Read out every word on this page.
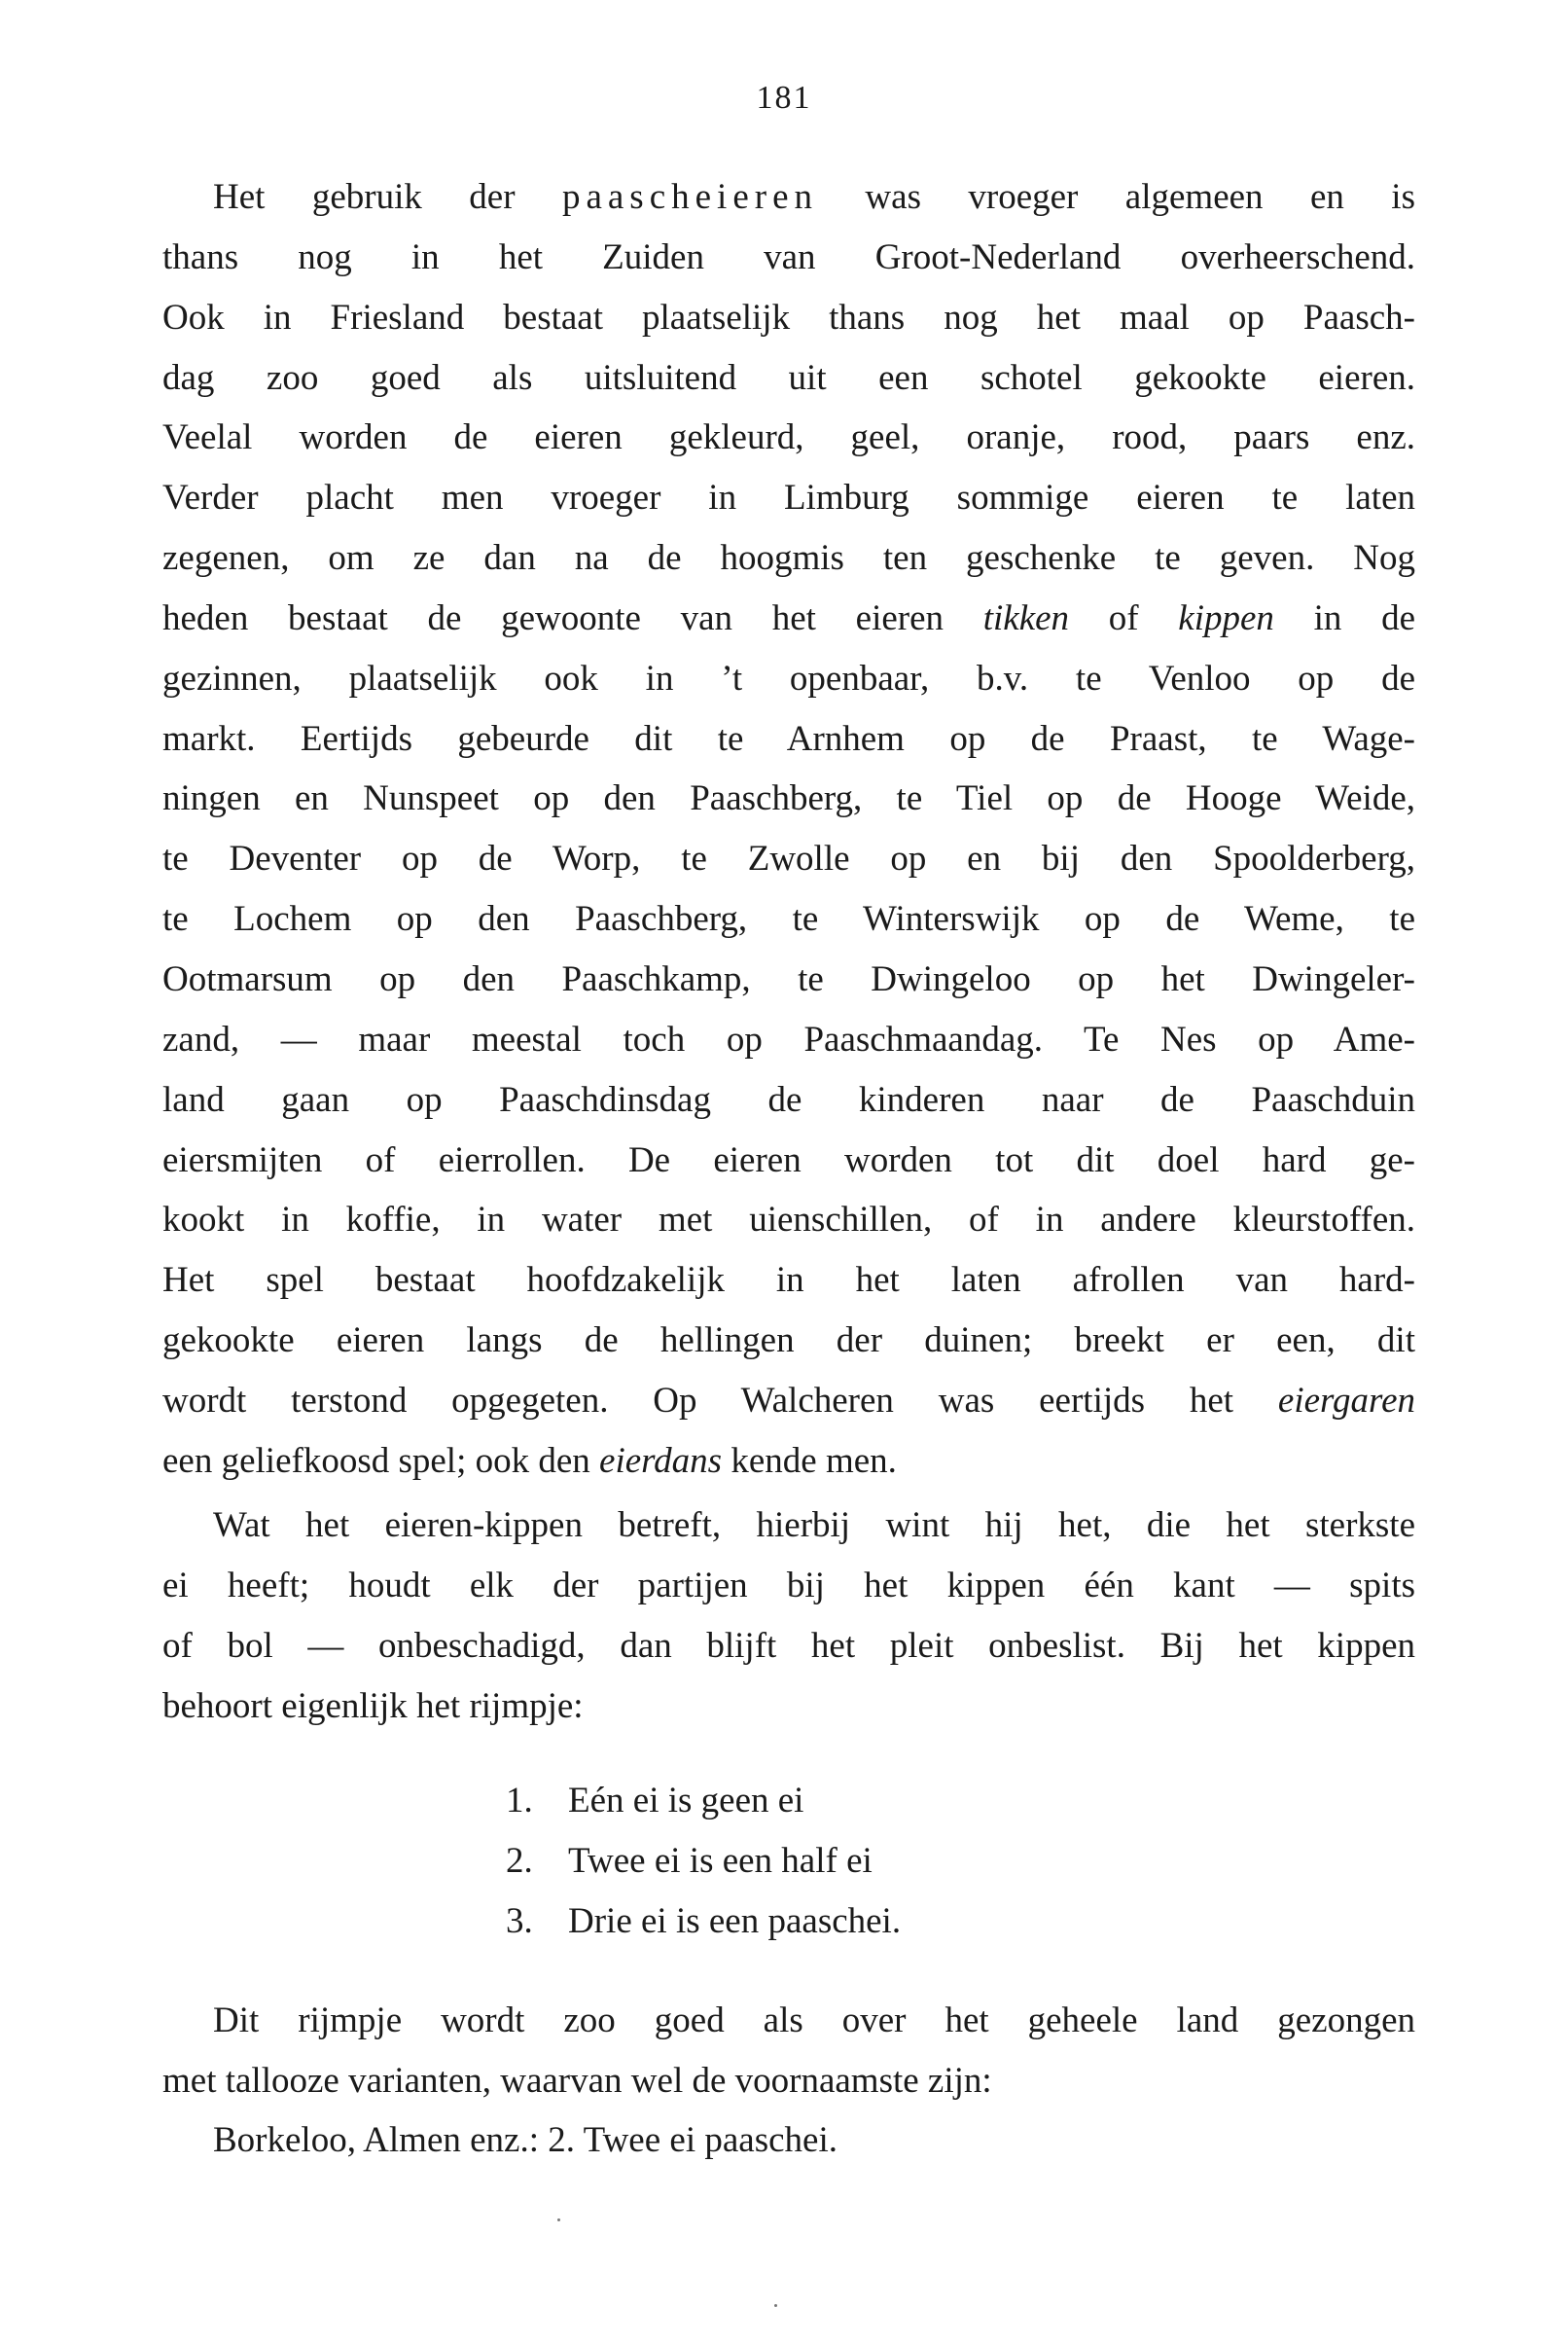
181
Het gebruik der paascheieren was vroeger algemeen en is
thans nog in het Zuiden van Groot-Nederland overheerschend.
Ook in Friesland bestaat plaatselijk thans nog het maal op Paasch-
dag zoo goed als uitsluitend uit een schotel gekookte eieren.
Veelal worden de eieren gekleurd, geel, oranje, rood, paars enz.
Verder placht men vroeger in Limburg sommige eieren te laten
zegenen, om ze dan na de hoogmis ten geschenke te geven. Nog
heden bestaat de gewoonte van het eieren tikken of kippen in de
gezinnen, plaatselijk ook in ’t openbaar, b.v. te Venloo op de
markt. Eertijds gebeurde dit te Arnhem op de Praast, te Wage-
ningen en Nunspeet op den Paaschberg, te Tiel op de Hooge Weide,
te Deventer op de Worp, te Zwolle op en bij den Spoolderberg,
te Lochem op den Paaschberg, te Winterswijk op de Weme, te
Ootmarsum op den Paaschkamp, te Dwingeloo op het Dwingeler-
zand, — maar meestal toch op Paaschmaandag. Te Nes op Ame-
land gaan op Paaschdinsdag de kinderen naar de Paaschduin
eiersmijten of eierrollen. De eieren worden tot dit doel hard ge-
kookt in koffie, in water met uienschillen, of in andere kleurstoffen.
Het spel bestaat hoofdzakelijk in het laten afrollen van hard-
gekookte eieren langs de hellingen der duinen; breekt er een, dit
wordt terstond opgegeten. Op Walcheren was eertijds het eiergaren
een geliefkoosd spel; ook den eierdans kende men.
Wat het eieren-kippen betreft, hierbij wint hij het, die het sterkste
ei heeft; houdt elk der partijen bij het kippen één kant — spits
of bol — onbeschadigd, dan blijft het pleit onbeslist. Bij het kippen
behoort eigenlijk het rijmpje:
1. Eén ei is geen ei
2. Twee ei is een half ei
3. Drie ei is een paaschei.
Dit rijmpje wordt zoo goed als over het geheele land gezongen
met tallooze varianten, waarvan wel de voornaamste zijn:
Borkeloo, Almen enz.: 2. Twee ei paaschei.
